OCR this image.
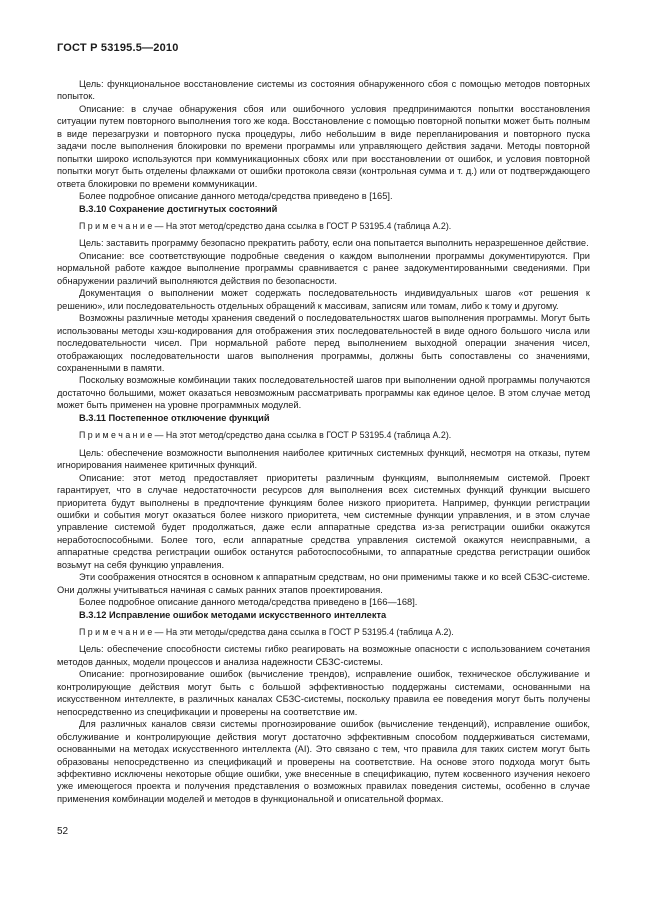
ГОСТ Р 53195.5—2010

Цель: функциональное восстановление системы из состояния обнаруженного сбоя с помощью методов повторных попыток.

Описание: в случае обнаружения сбоя или ошибочного условия предпринимаются попытки восстановления ситуации путем повторного выполнения того же кода. Восстановление с помощью повторной попытки может быть полным в виде перезагрузки и повторного пуска процедуры, либо небольшим в виде перепланирования и повторного пуска задачи после выполнения блокировки по времени программы или управляющего действия задачи. Методы повторной попытки широко используются при коммуникационных сбоях или при восстановлении от ошибок, и условия повторной попытки могут быть отделены флажками от ошибки протокола связи (контрольная сумма и т. д.) или от подтверждающего ответа блокировки по времени коммуникации.

Более подробное описание данного метода/средства приведено в [165].

В.3.10 Сохранение достигнутых состояний

П р и м е ч а н и е — На этот метод/средство дана ссылка в ГОСТ Р 53195.4 (таблица А.2).

Цель: заставить программу безопасно прекратить работу, если она попытается выполнить неразрешенное действие.

Описание: все соответствующие подробные сведения о каждом выполнении программы документируются. При нормальной работе каждое выполнение программы сравнивается с ранее задокументированными сведениями. При обнаружении различий выполняются действия по безопасности.

Документация о выполнении может содержать последовательность индивидуальных шагов «от решения к решению», или последовательность отдельных обращений к массивам, записям или томам, либо к тому и другому.

Возможны различные методы хранения сведений о последовательностях шагов выполнения программы. Могут быть использованы методы хэш-кодирования для отображения этих последовательностей в виде одного большого числа или последовательности чисел. При нормальной работе перед выполнением выходной операции значения чисел, отображающих последовательности шагов выполнения программы, должны быть сопоставлены со значениями, сохраненными в памяти.

Поскольку возможные комбинации таких последовательностей шагов при выполнении одной программы получаются достаточно большими, может оказаться невозможным рассматривать программы как единое целое. В этом случае метод может быть применен на уровне программных модулей.

В.3.11 Постепенное отключение функций

П р и м е ч а н и е — На этот метод/средство дана ссылка в ГОСТ Р 53195.4 (таблица А.2).

Цель: обеспечение возможности выполнения наиболее критичных системных функций, несмотря на отказы, путем игнорирования наименее критичных функций.

Описание: этот метод предоставляет приоритеты различным функциям, выполняемым системой. Проект гарантирует, что в случае недостаточности ресурсов для выполнения всех системных функций функции высшего приоритета будут выполнены в предпочтение функциям более низкого приоритета. Например, функции регистрации ошибки и события могут оказаться более низкого приоритета, чем системные функции управления, и в этом случае управление системой будет продолжаться, даже если аппаратные средства из-за регистрации ошибки окажутся неработоспособными. Более того, если аппаратные средства управления системой окажутся неисправными, а аппаратные средства регистрации ошибок останутся работоспособными, то аппаратные средства регистрации ошибок возьмут на себя функцию управления.

Эти соображения относятся в основном к аппаратным средствам, но они применимы также и ко всей СБЗС-системе. Они должны учитываться начиная с самых ранних этапов проектирования.

Более подробное описание данного метода/средства приведено в [166—168].

В.3.12 Исправление ошибок методами искусственного интеллекта

П р и м е ч а н и е — На эти методы/средства дана ссылка в ГОСТ Р 53195.4 (таблица А.2).

Цель: обеспечение способности системы гибко реагировать на возможные опасности с использованием сочетания методов данных, модели процессов и анализа надежности СБЗС-системы.

Описание: прогнозирование ошибок (вычисление трендов), исправление ошибок, техническое обслуживание и контролирующие действия могут быть с большой эффективностью поддержаны системами, основанными на искусственном интеллекте, в различных каналах СБЗС-системы, поскольку правила ее поведения могут быть получены непосредственно из спецификации и проверены на соответствие им.

Для различных каналов связи системы прогнозирование ошибок (вычисление тенденций), исправление ошибок, обслуживание и контролирующие действия могут достаточно эффективным способом поддерживаться системами, основанными на методах искусственного интеллекта (AI). Это связано с тем, что правила для таких систем могут быть образованы непосредственно из спецификаций и проверены на соответствие. На основе этого подхода могут быть эффективно исключены некоторые общие ошибки, уже внесенные в спецификацию, путем косвенного изучения некоего уже имеющегося проекта и получения представления о возможных правилах поведения системы, особенно в случае применения комбинации моделей и методов в функциональной и описательной формах.

52
